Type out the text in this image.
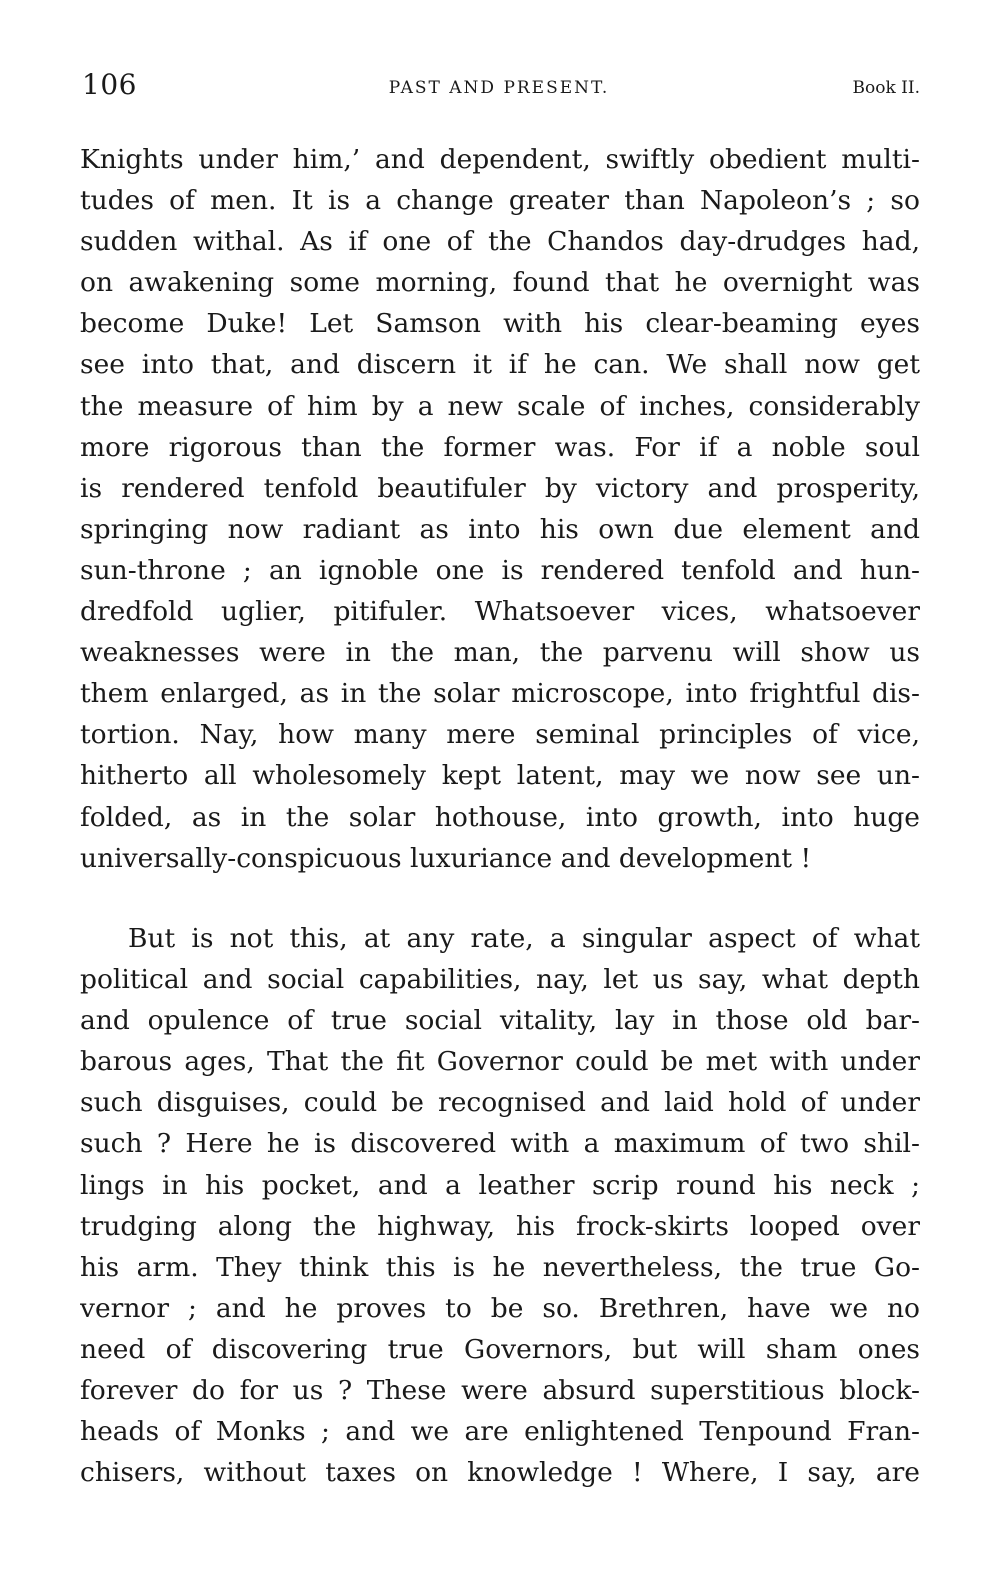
106	PAST AND PRESENT.	Book II.
Knights under him,’ and dependent, swiftly obedient multi-
tudes of men. It is a change greater than Napoleon’s ; so
sudden withal. As if one of the Chandos day-drudges had,
on awakening some morning, found that he overnight was
become Duke! Let Samson with his clear-beaming eyes
see into that, and discern it if he can. We shall now get
the measure of him by a new scale of inches, considerably
more rigorous than the former was. For if a noble soul
is rendered tenfold beautifuler by victory and prosperity,
springing now radiant as into his own due element and
sun-throne ; an ignoble one is rendered tenfold and hun-
dredfold uglier, pitifuler. Whatsoever vices, whatsoever
weaknesses were in the man, the parvenu will show us
them enlarged, as in the solar microscope, into frightful dis-
tortion. Nay, how many mere seminal principles of vice,
hitherto all wholesomely kept latent, may we now see un-
folded, as in the solar hothouse, into growth, into huge
universally-conspicuous luxuriance and development !
But is not this, at any rate, a singular aspect of what
political and social capabilities, nay, let us say, what depth
and opulence of true social vitality, lay in those old bar-
barous ages, That the fit Governor could be met with under
such disguises, could be recognised and laid hold of under
such ? Here he is discovered with a maximum of two shil-
lings in his pocket, and a leather scrip round his neck ;
trudging along the highway, his frock-skirts looped over
his arm. They think this is he nevertheless, the true Go-
vernor ; and he proves to be so. Brethren, have we no
need of discovering true Governors, but will sham ones
forever do for us ? These were absurd superstitious block-
heads of Monks ; and we are enlightened Tenpound Fran-
chisers, without taxes on knowledge ! Where, I say, are
